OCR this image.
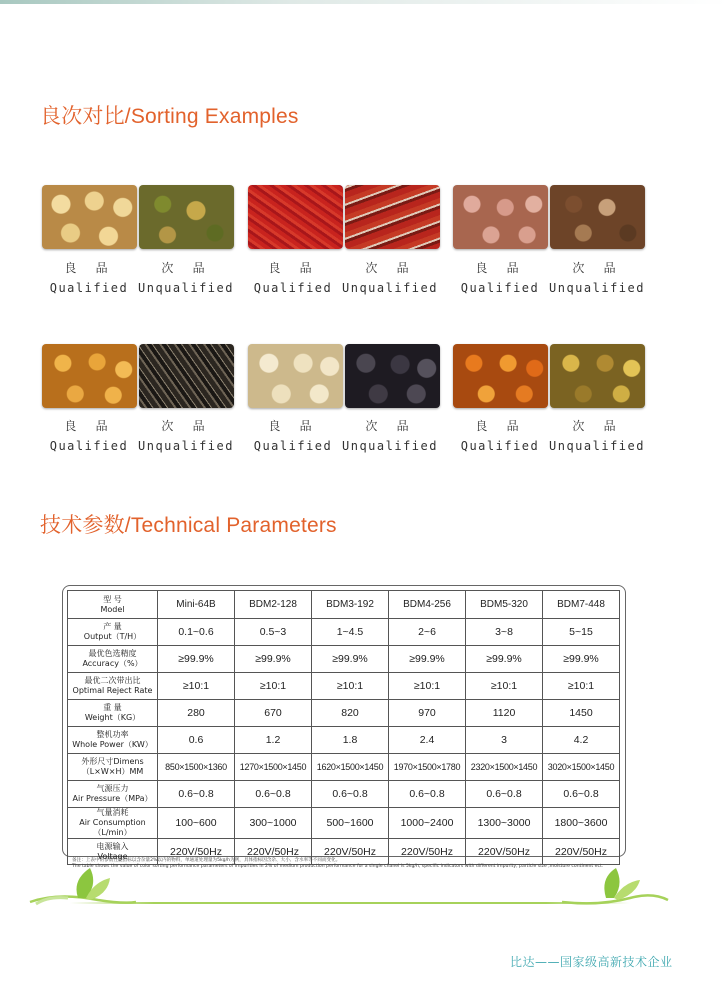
良次对比/Sorting Examples
良 品
Qualified
次 品
Unqualified
良 品
Qualified
次 品
Unqualified
良 品
Qualified
次 品
Unqualified
良 品
Qualified
次 品
Unqualified
良 品
Qualified
次 品
Unqualified
良 品
Qualified
次 品
Unqualified
技术参数/Technical Parameters
型 号
Model	Mini-64B	BDM2-128	BDM3-192	BDM4-256	BDM5-320	BDM7-448

产 量
Output（T/H）	0.1~0.6	0.5~3	1~4.5	2~6	3~8	5~15

最优色选精度
Accuracy（%）	≥99.9%	≥99.9%	≥99.9%	≥99.9%	≥99.9%	≥99.9%

最优二次带出比
Optimal Reject Rate	≥10:1	≥10:1	≥10:1	≥10:1	≥10:1	≥10:1

重 量
Weight（KG）	280	670	820	970	1120	1450

整机功率
Whole Power（KW）	0.6	1.2	1.8	2.4	3	4.2

外形尺寸Dimens
（L×W×H）MM	850×1500×1360	1270×1500×1450	1620×1500×1450	1970×1500×1780	2320×1500×1450	3020×1500×1450

气源压力
Air Pressure（MPa）	0.6~0.8	0.6~0.8	0.6~0.8	0.6~0.8	0.6~0.8	0.6~0.8

气量消耗
Air Consumption（L/min）	100~600	300~1000	500~1600	1000~2400	1300~3000	1800~3600

电源输入
Voltage	220V/50Hz	220V/50Hz	220V/50Hz	220V/50Hz	220V/50Hz	220V/50Hz
备注：上表中的参数性能指标以含杂量2%以内的物料，单通道处理量为5kg/h为例，具体指标因含杂、大小、含水率等不同而变化。
The table shows the value of color sorting performance parameters of impurities in 2% of medium production performance for a single chanel is 5kg/h, specific indicators with different impurity, particle size ,moisture continent ect.
比达——国家级高新技术企业
